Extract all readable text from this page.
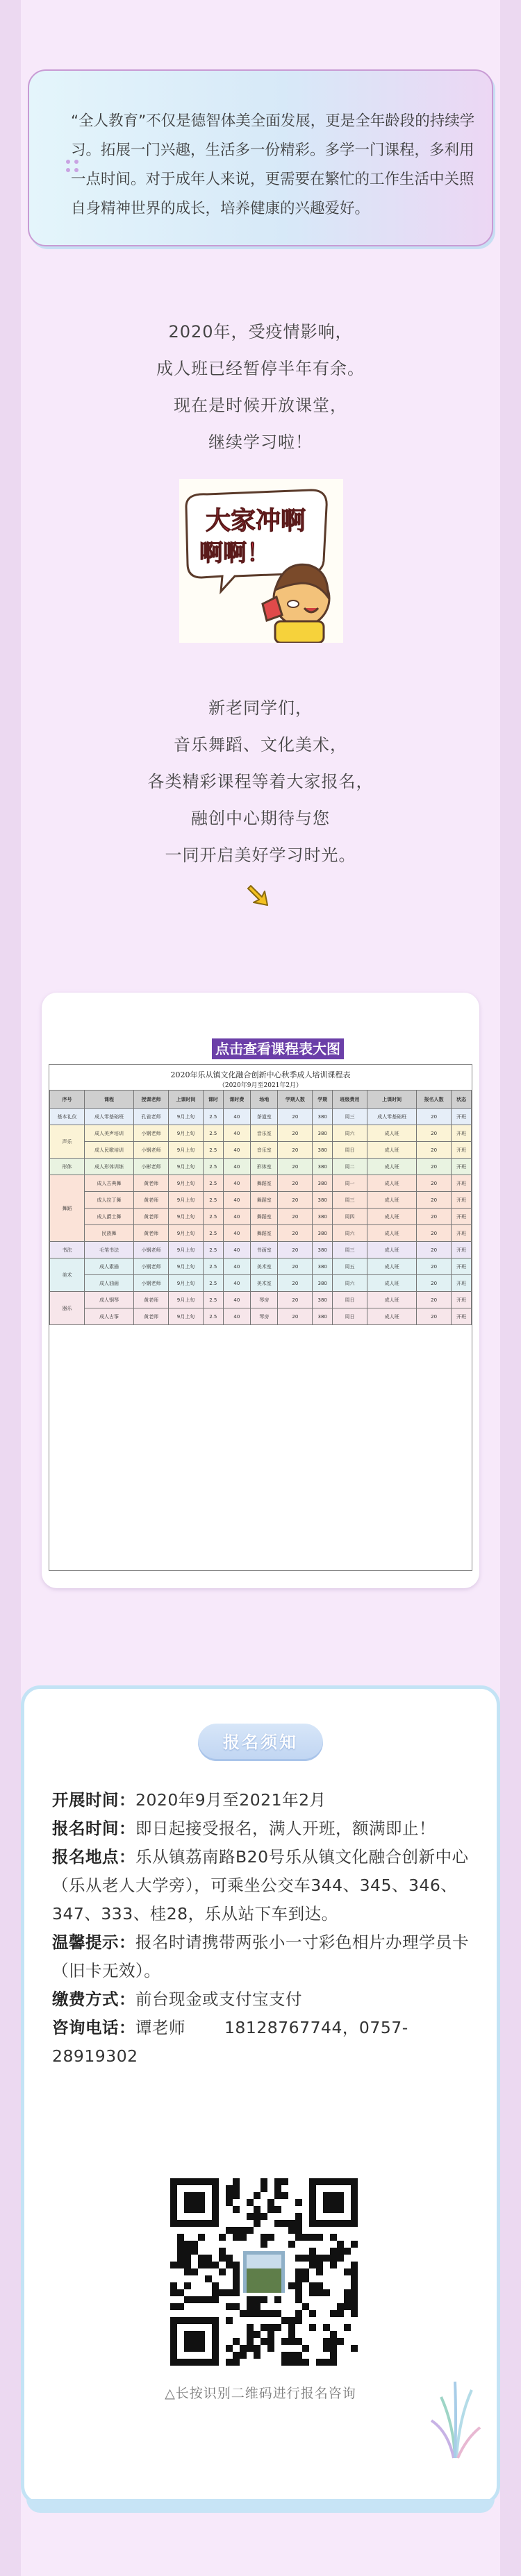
“全人教育”不仅是德智体美全面发展，更是全年龄段的持续学习。拓展一门兴趣，生活多一份精彩。多学一门课程，多利用一点时间。对于成年人来说，更需要在繁忙的工作生活中关照自身精神世界的成长，培养健康的兴趣爱好。

2020年，受疫情影响，
成人班已经暂停半年有余。
现在是时候开放课堂，
继续学习啦！
大家冲啊
啊啊！
新老同学们，
音乐舞蹈、文化美术，
各类精彩课程等着大家报名，
融创中心期待与您
一同开启美好学习时光。
点击查看课程表大图
2020年乐从镇文化融合创新中心秋季成人培训课程表
（2020年9月至2021年2月）
序号	课程	授课老师	上课时间	课时	课时费	场地	学期人数	学期	班级费用	上课时间	报名人数	状态
基本礼仪	成人零基础班	孔雀老师	9月上旬	2.5	40	茶道室	20	380	周三	成人零基础班	20	开班
声乐	成人美声培训	小钢老师	9月上旬	2.5	40	音乐室	20	380	周六	成人班	20	开班
	成人民歌培训	小钢老师	9月上旬	2.5	40	音乐室	20	380	周日	成人班	20	开班
形体	成人形体训练	小彬老师	9月上旬	2.5	40	形体室	20	380	周二	成人班	20	开班
舞蹈	成人古典舞	黄老师	9月上旬	2.5	40	舞蹈室	20	380	周一	成人班	20	开班
	成人拉丁舞	黄老师	9月上旬	2.5	40	舞蹈室	20	380	周三	成人班	20	开班
	成人爵士舞	黄老师	9月上旬	2.5	40	舞蹈室	20	380	周四	成人班	20	开班
	民族舞	黄老师	9月上旬	2.5	40	舞蹈室	20	380	周六	成人班	20	开班
书法	毛笔书法	小钢老师	9月上旬	2.5	40	书画室	20	380	周三	成人班	20	开班
美术	成人素描	小钢老师	9月上旬	2.5	40	美术室	20	380	周五	成人班	20	开班
	成人油画	小钢老师	9月上旬	2.5	40	美术室	20	380	周六	成人班	20	开班
器乐	成人钢琴	黄老师	9月上旬	2.5	40	琴房	20	380	周日	成人班	20	开班
	成人古筝	黄老师	9月上旬	2.5	40	琴房	20	380	周日	成人班	20	开班
报名须知
开展时间：2020年9月至2021年2月
报名时间：即日起接受报名，满人开班，额满即止！
报名地点：乐从镇荔南路B20号乐从镇文化融合创新中心（乐从老人大学旁），可乘坐公交车344、345、346、347、333、桂28，乐从站下车到达。
温馨提示：报名时请携带两张小一寸彩色相片办理学员卡（旧卡无效）。
缴费方式：前台现金或支付宝支付
咨询电话：谭老师　　 18128767744，0757-28919302
△长按识别二维码进行报名咨询
